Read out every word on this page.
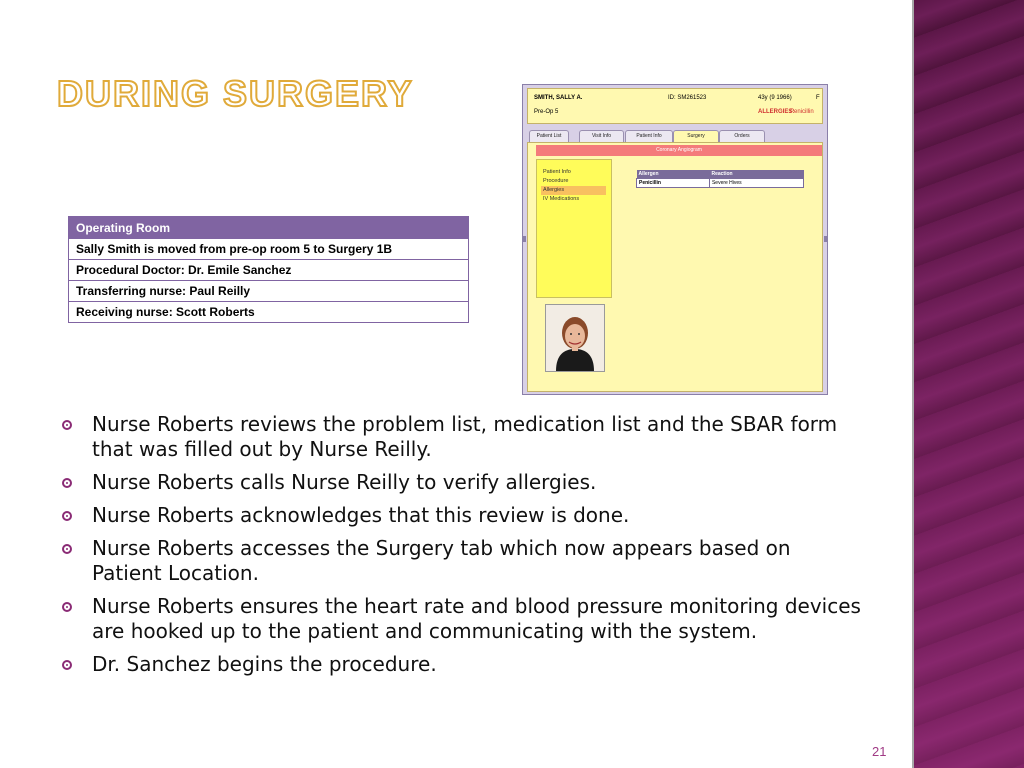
DURING SURGERY
Operating Room
Sally Smith is moved from pre-op room 5 to Surgery 1B
Procedural Doctor: Dr. Emile Sanchez
Transferring nurse: Paul Reilly
Receiving nurse: Scott Roberts
SMITH, SALLY A.	ID: SM261523	43y (9 1966)	F
Pre-Op 5	ALLERGIES:
Penicillin
Patient List	Visit Info	Patient Info	Surgery	Orders
Coronary Angiogram
Patient Info
Procedure
Allergies
IV Medications
Allergen	Reaction
Penicillin	Severe Hives
Nurse Roberts reviews the problem list, medication list and the SBAR form that was filled out by Nurse Reilly.
Nurse Roberts calls Nurse Reilly to verify allergies.
Nurse Roberts acknowledges that this review is done.
Nurse Roberts accesses the Surgery tab which now appears based on Patient Location.
Nurse Roberts ensures the heart rate and blood pressure monitoring devices are hooked up to the patient and communicating with the system.
Dr. Sanchez begins the procedure.
21
